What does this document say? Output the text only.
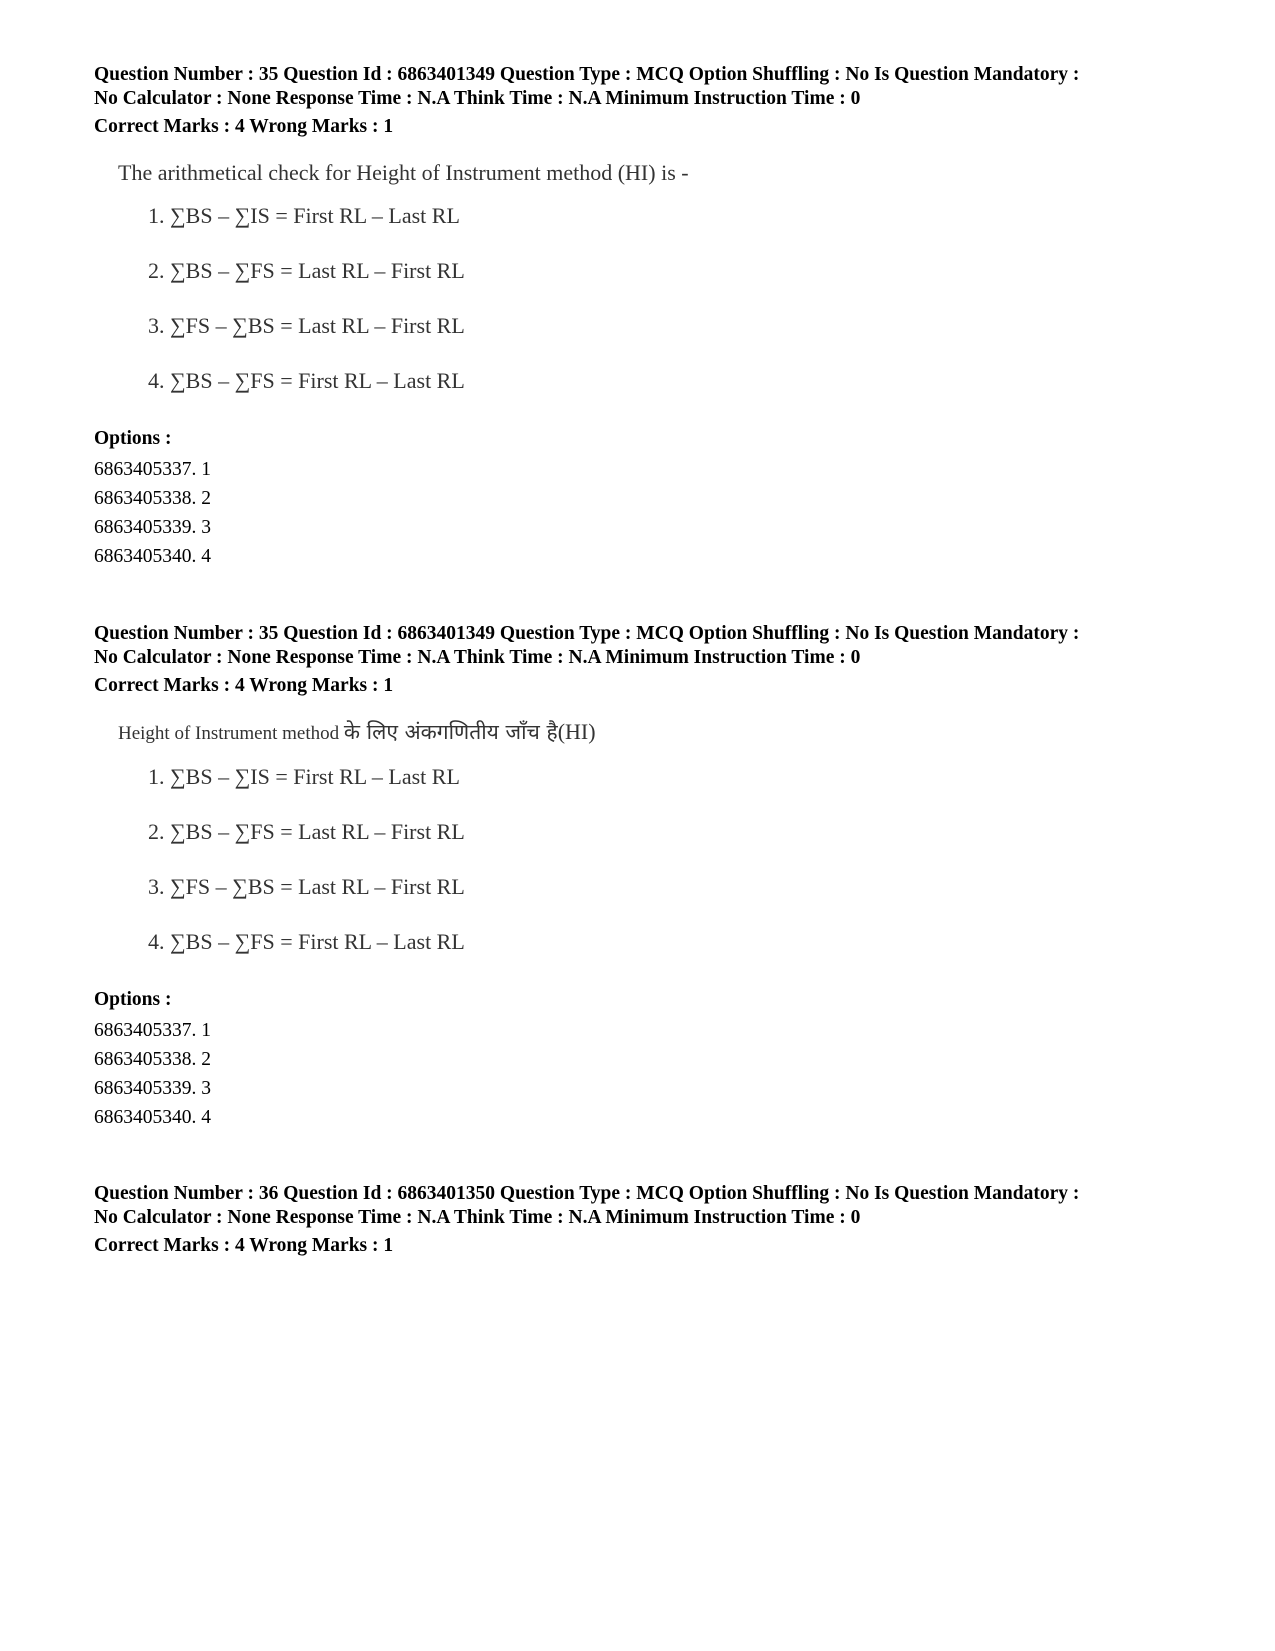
Question Number : 35 Question Id : 6863401349 Question Type : MCQ Option Shuffling : No Is Question Mandatory :
No Calculator : None Response Time : N.A Think Time : N.A Minimum Instruction Time : 0

Correct Marks : 4 Wrong Marks : 1

The arithmetical check for Height of Instrument method (HI) is -

1. ∑BS – ∑IS = First RL – Last RL
2. ∑BS – ∑FS = Last RL – First RL
3. ∑FS – ∑BS = Last RL – First RL
4. ∑BS – ∑FS = First RL – Last RL

Options :

6863405337. 1
6863405338. 2
6863405339. 3
6863405340. 4

Question Number : 35 Question Id : 6863401349 Question Type : MCQ Option Shuffling : No Is Question Mandatory :
No Calculator : None Response Time : N.A Think Time : N.A Minimum Instruction Time : 0

Correct Marks : 4 Wrong Marks : 1

Height of Instrument method के लिए अंकगणितीय जाँच है(HI)

1. ∑BS – ∑IS = First RL – Last RL
2. ∑BS – ∑FS = Last RL – First RL
3. ∑FS – ∑BS = Last RL – First RL
4. ∑BS – ∑FS = First RL – Last RL

Options :

6863405337. 1
6863405338. 2
6863405339. 3
6863405340. 4

Question Number : 36 Question Id : 6863401350 Question Type : MCQ Option Shuffling : No Is Question Mandatory :
No Calculator : None Response Time : N.A Think Time : N.A Minimum Instruction Time : 0

Correct Marks : 4 Wrong Marks : 1
